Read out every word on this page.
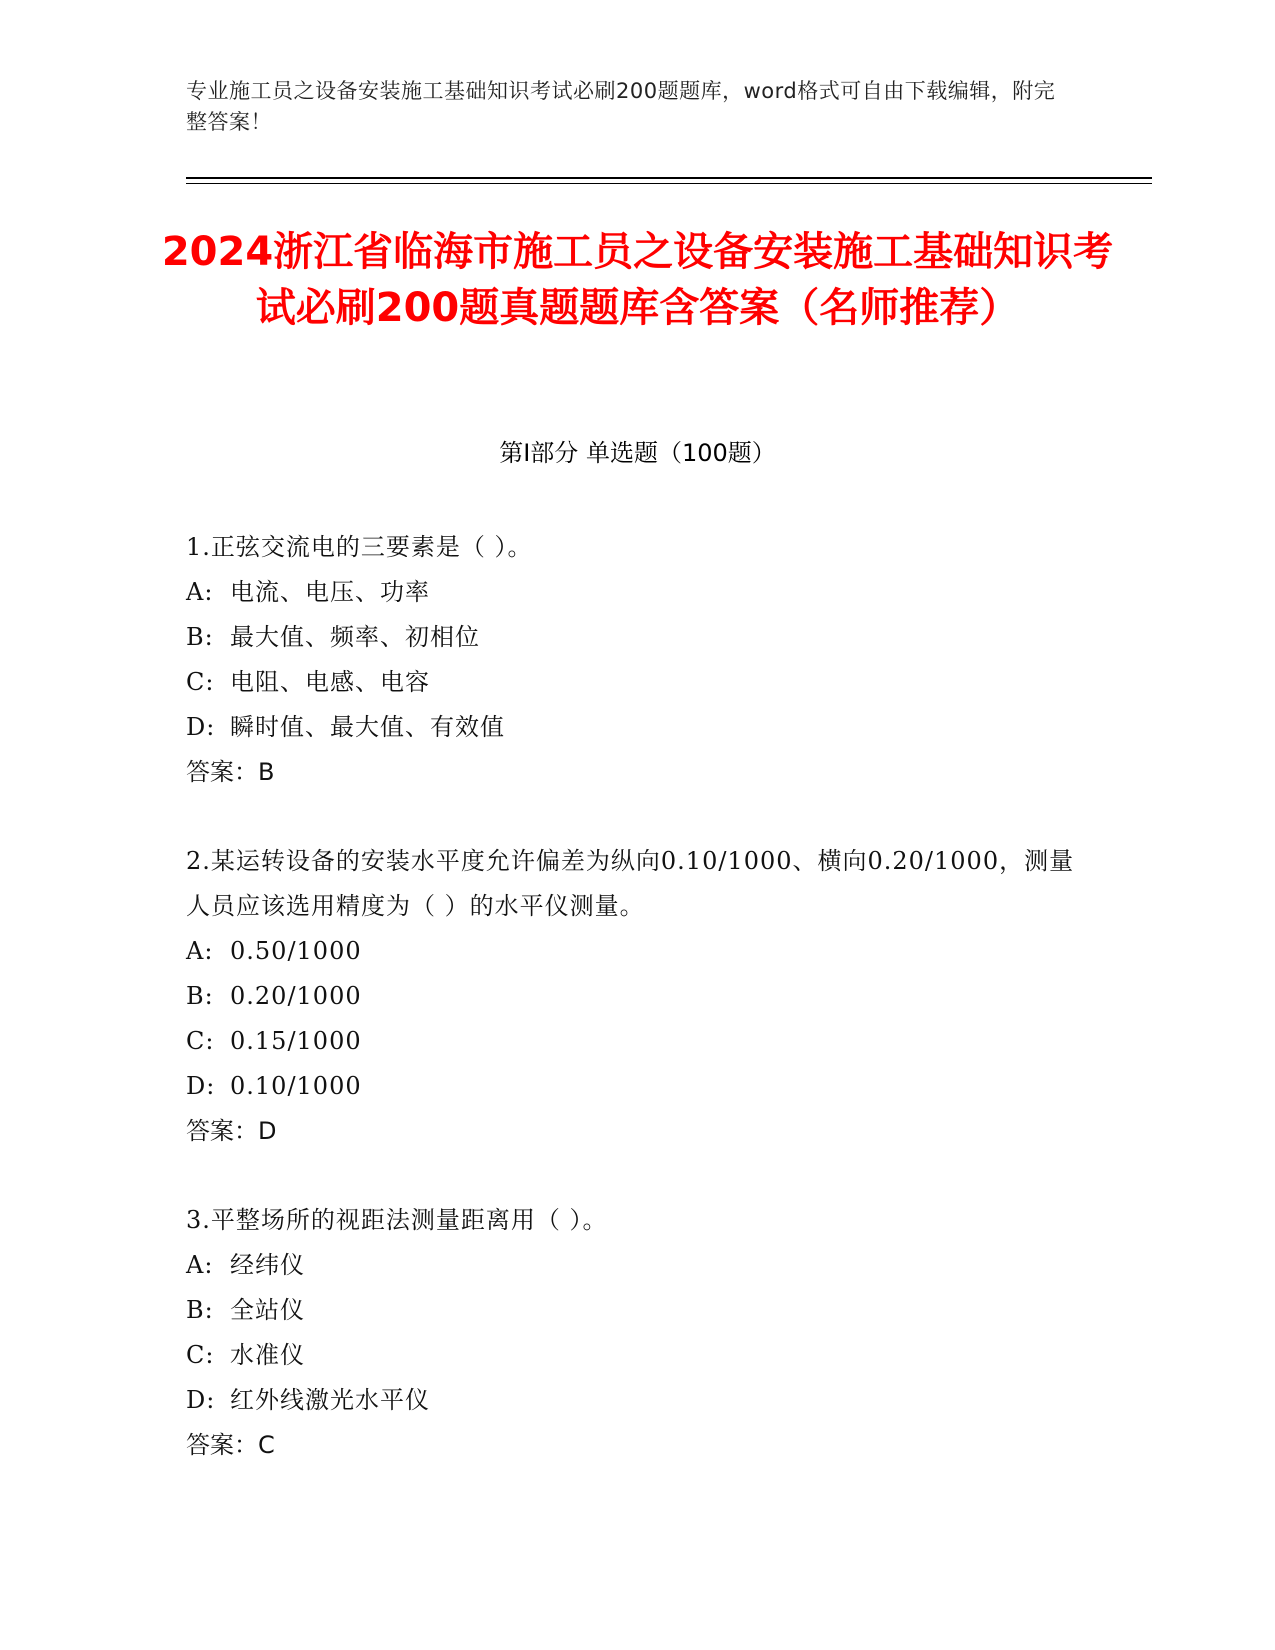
专业施工员之设备安装施工基础知识考试必刷200题题库，word格式可自由下载编辑，附完整答案！
2024浙江省临海市施工员之设备安装施工基础知识考试必刷200题真题题库含答案（名师推荐）
第Ⅰ部分 单选题（100题）
1.正弦交流电的三要素是（ ）。
A: 电流、电压、功率
B: 最大值、频率、初相位
C: 电阻、电感、电容
D: 瞬时值、最大值、有效值
答案：B
2.某运转设备的安装水平度允许偏差为纵向0.10/1000、横向0.20/1000，测量人员应该选用精度为（ ）的水平仪测量。
A: 0.50/1000
B: 0.20/1000
C: 0.15/1000
D: 0.10/1000
答案：D
3.平整场所的视距法测量距离用（ ）。
A: 经纬仪
B: 全站仪
C: 水准仪
D: 红外线激光水平仪
答案：C
